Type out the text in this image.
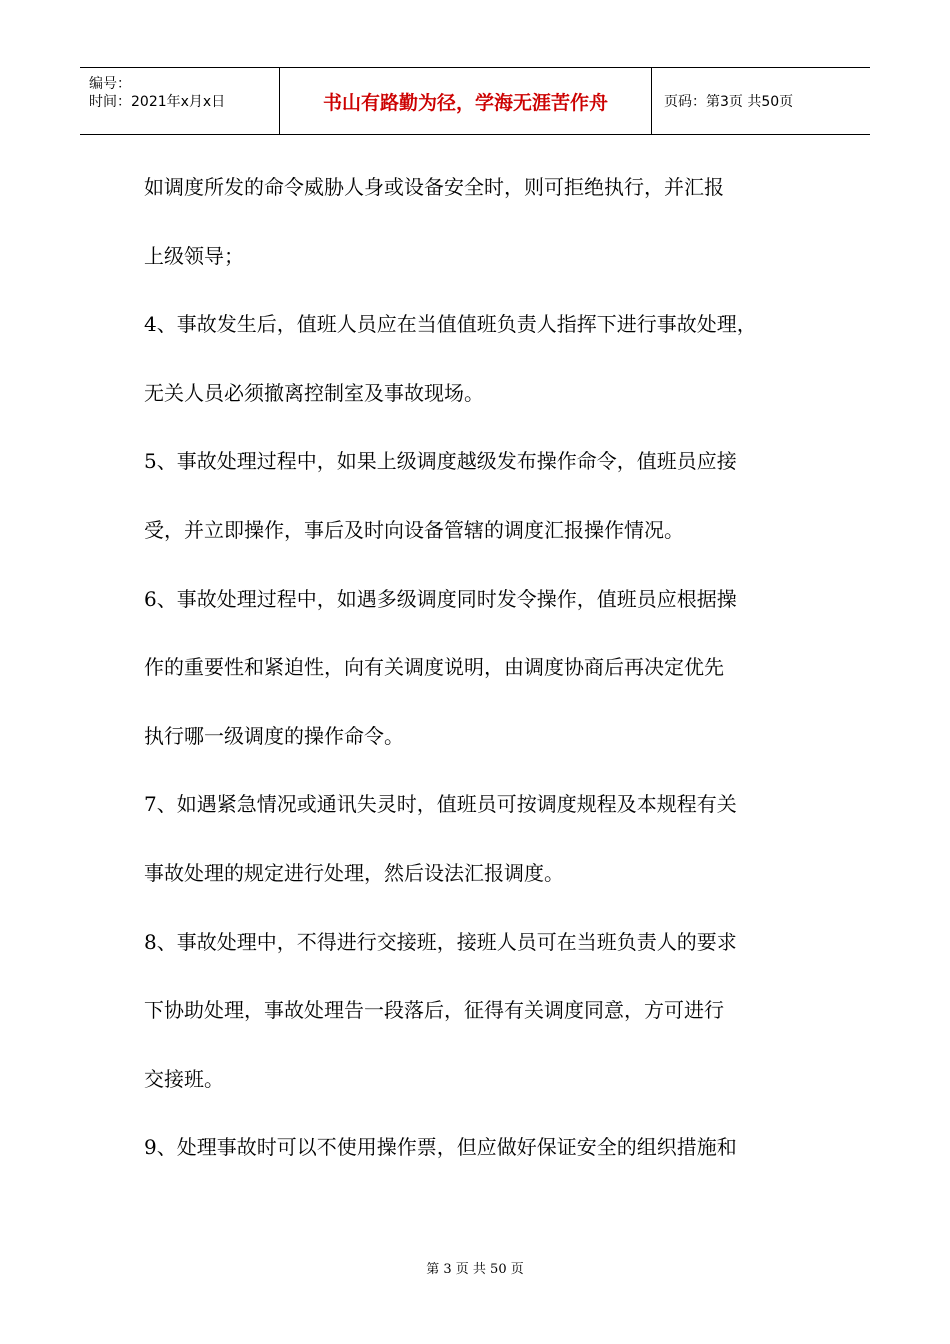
编号：
时间：2021年x月x日	书山有路勤为径，学海无涯苦作舟	页码：第3页 共50页
如调度所发的命令威胁人身或设备安全时，则可拒绝执行，并汇报
上级领导；
4、事故发生后，值班人员应在当值值班负责人指挥下进行事故处理，
无关人员必须撤离控制室及事故现场。
5、事故处理过程中，如果上级调度越级发布操作命令，值班员应接
受，并立即操作，事后及时向设备管辖的调度汇报操作情况。
6、事故处理过程中，如遇多级调度同时发令操作，值班员应根据操
作的重要性和紧迫性，向有关调度说明，由调度协商后再决定优先
执行哪一级调度的操作命令。
7、如遇紧急情况或通讯失灵时，值班员可按调度规程及本规程有关
事故处理的规定进行处理，然后设法汇报调度。
8、事故处理中，不得进行交接班，接班人员可在当班负责人的要求
下协助处理，事故处理告一段落后，征得有关调度同意，方可进行
交接班。
9、处理事故时可以不使用操作票，但应做好保证安全的组织措施和
第 3 页 共 50 页
